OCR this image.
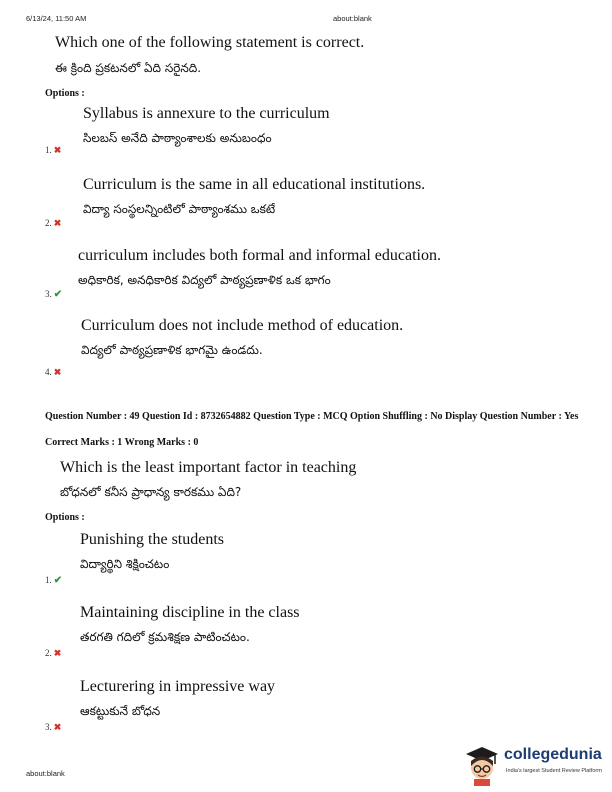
6/13/24, 11:50 AM	about:blank
about:blank
Which one of the following statement is correct.
ఈ క్రింది ప్రకటనలో ఏది సరైనది.
Options :
Syllabus is annexure to the curriculum
సిలబస్ అనేది పాఠ్యాంశాలకు అనుబంధం
1. ✖
Curriculum is the same in all educational institutions.
విద్యా సంస్థలన్నింటిలో పాఠ్యాంశము ఒకటే
2. ✖
curriculum includes both formal and informal education.
అధికారిక, అనధికారిక విద్యలో పాఠ్యప్రణాళిక ఒక భాగం
3. ✔
Curriculum does not include method of education.
విద్యలో పాఠ్యప్రణాళిక భాగమై ఉండదు.
4. ✖
Question Number : 49 Question Id : 8732654882 Question Type : MCQ Option Shuffling : No Display Question Number : Yes
Correct Marks : 1 Wrong Marks : 0
Which is the least important factor in teaching
బోధనలో కనీస ప్రాధాన్య కారకము ఏది?
Options :
Punishing the students
విద్యార్థిని శిక్షించటం
1. ✔
Maintaining discipline in the class
తరగతి గదిలో క్రమశిక్షణ పాటించటం.
2. ✖
Lecturering in impressive way
ఆకట్టుకునే బోధన
3. ✖
collegedunia
India's largest Student Review Platform
